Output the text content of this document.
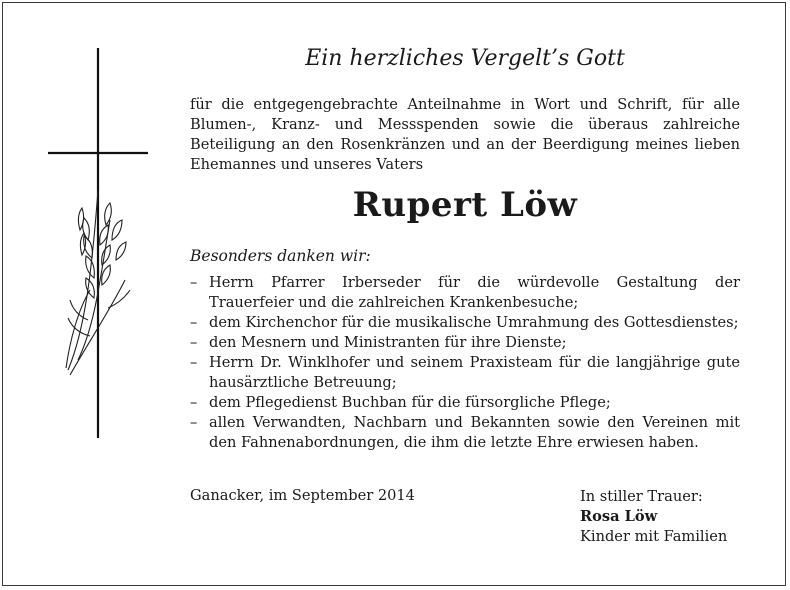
Ein herzliches Vergelt’s Gott
für die entgegengebrachte Anteilnahme in Wort und Schrift, für alle Blumen-, Kranz- und Messspenden sowie die überaus zahlreiche Beteiligung an den Rosenkränzen und an der Beerdigung meines lieben Ehemannes und unseres Vaters
Rupert Löw
Besonders danken wir:
– Herrn Pfarrer Irberseder für die würdevolle Gestaltung der Trauerfeier und die zahlreichen Krankenbesuche;
– dem Kirchenchor für die musikalische Umrahmung des Gottesdienstes;
– den Mesnern und Ministranten für ihre Dienste;
– Herrn Dr. Winklhofer und seinem Praxisteam für die langjährige gute hausärztliche Betreuung;
– dem Pflegedienst Buchban für die fürsorgliche Pflege;
– allen Verwandten, Nachbarn und Bekannten sowie den Vereinen mit den Fahnenabordnungen, die ihm die letzte Ehre erwiesen haben.
Ganacker, im September 2014	In stiller Trauer:
Rosa Löw
Kinder mit Familien
